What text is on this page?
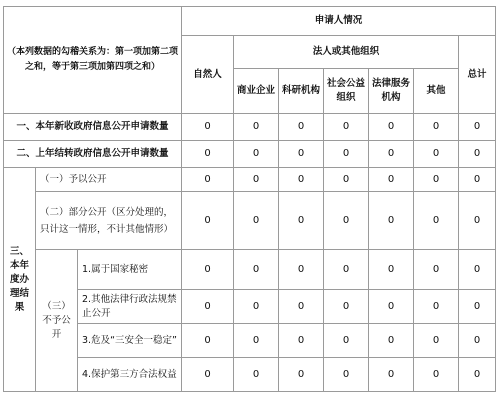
（本列数据的勾稽关系为：第一项加第二项之和，等于第三项加第四项之和）			申请人情况						
			自然人	法人或其他组织					总计
				商业企业	科研机构	社会公益组织	法律服务机构	其他	
一、本年新收政府信息公开申请数量			0	0	0	0	0	0	0
二、上年结转政府信息公开申请数量			0	0	0	0	0	0	0
三、本年度办理结果	（一）予以公开		0	0	0	0	0	0	0
	（二）部分公开（区分处理的，只计这一情形，不计其他情形）		0	0	0	0	0	0	0
	（三）不予公开	1.属于国家秘密	0	0	0	0	0	0	0
		2.其他法律行政法规禁止公开	0	0	0	0	0	0	0
		3.危及“三安全一稳定”	0	0	0	0	0	0	0
		4.保护第三方合法权益	0	0	0	0	0	0	0
